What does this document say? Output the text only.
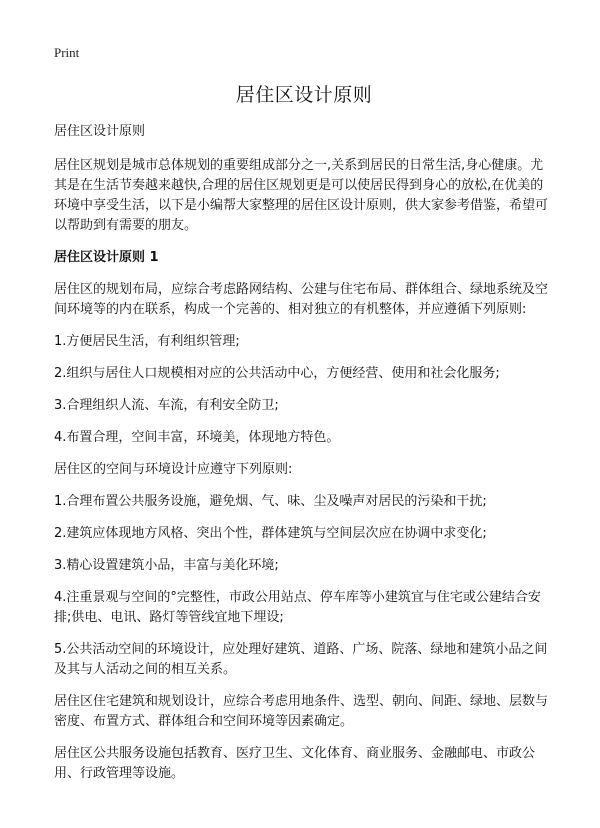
Print
居住区设计原则

居住区设计原则

居住区规划是城市总体规划的重要组成部分之一,关系到居民的日常生活,身心健康。尤其是在生活节奏越来越快,合理的居住区规划更是可以使居民得到身心的放松,在优美的环境中享受生活，以下是小编帮大家整理的居住区设计原则，供大家参考借鉴，希望可以帮助到有需要的朋友。

居住区设计原则 1

居住区的规划布局，应综合考虑路网结构、公建与住宅布局、群体组合、绿地系统及空间环境等的内在联系，构成一个完善的、相对独立的有机整体，并应遵循下列原则:

1.方便居民生活，有利组织管理;

2.组织与居住人口规模相对应的公共活动中心，方便经营、使用和社会化服务;

3.合理组织人流、车流，有利安全防卫;

4.布置合理，空间丰富，环境美，体现地方特色。

居住区的空间与环境设计应遵守下列原则:

1.合理布置公共服务设施，避免烟、气、味、尘及噪声对居民的污染和干扰;

2.建筑应体现地方风格、突出个性，群体建筑与空间层次应在协调中求变化;

3.精心设置建筑小品，丰富与美化环境;

4.注重景观与空间的°完整性，市政公用站点、停车库等小建筑宜与住宅或公建结合安排;供电、电讯、路灯等管线宜地下埋设;

5.公共活动空间的环境设计，应处理好建筑、道路、广场、院落、绿地和建筑小品之间及其与人活动之间的相互关系。

居住区住宅建筑和规划设计，应综合考虑用地条件、选型、朝向、间距、绿地、层数与密度、布置方式、群体组合和空间环境等因素确定。

居住区公共服务设施包括教育、医疗卫生、文化体育、商业服务、金融邮电、市政公用、行政管理等设施。
